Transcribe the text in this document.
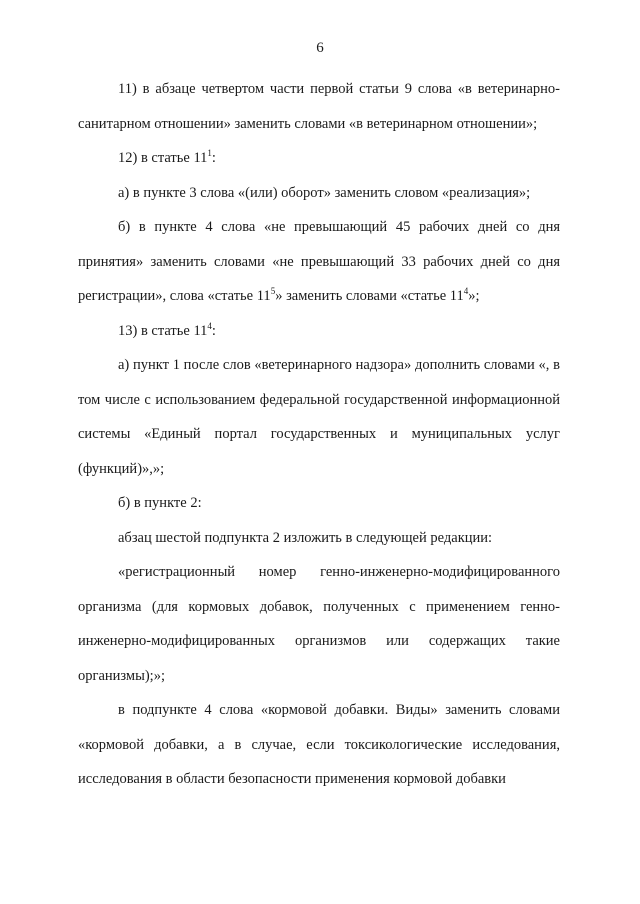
6

11) в абзаце четвертом части первой статьи 9 слова «в ветеринарно-санитарном отношении» заменить словами «в ветеринарном отношении»;

12) в статье $11^1$:

а) в пункте 3 слова «(или) оборот» заменить словом «реализация»;

б) в пункте 4 слова «не превышающий 45 рабочих дней со дня принятия» заменить словами «не превышающий 33 рабочих дней со дня регистрации», слова «статье $11^5$» заменить словами «статье $11^4$»;

13) в статье $11^4$:

а) пункт 1 после слов «ветеринарного надзора» дополнить словами «, в том числе с использованием федеральной государственной информационной системы «Единый портал государственных и муниципальных услуг (функций)»,»;

б) в пункте 2:

абзац шестой подпункта 2 изложить в следующей редакции:

«регистрационный номер генно-инженерно-модифицированного организма (для кормовых добавок, полученных с применением генно-инженерно-модифицированных организмов или содержащих такие организмы);»;

в подпункте 4 слова «кормовой добавки. Виды» заменить словами «кормовой добавки, а в случае, если токсикологические исследования, исследования в области безопасности применения кормовой добавки
